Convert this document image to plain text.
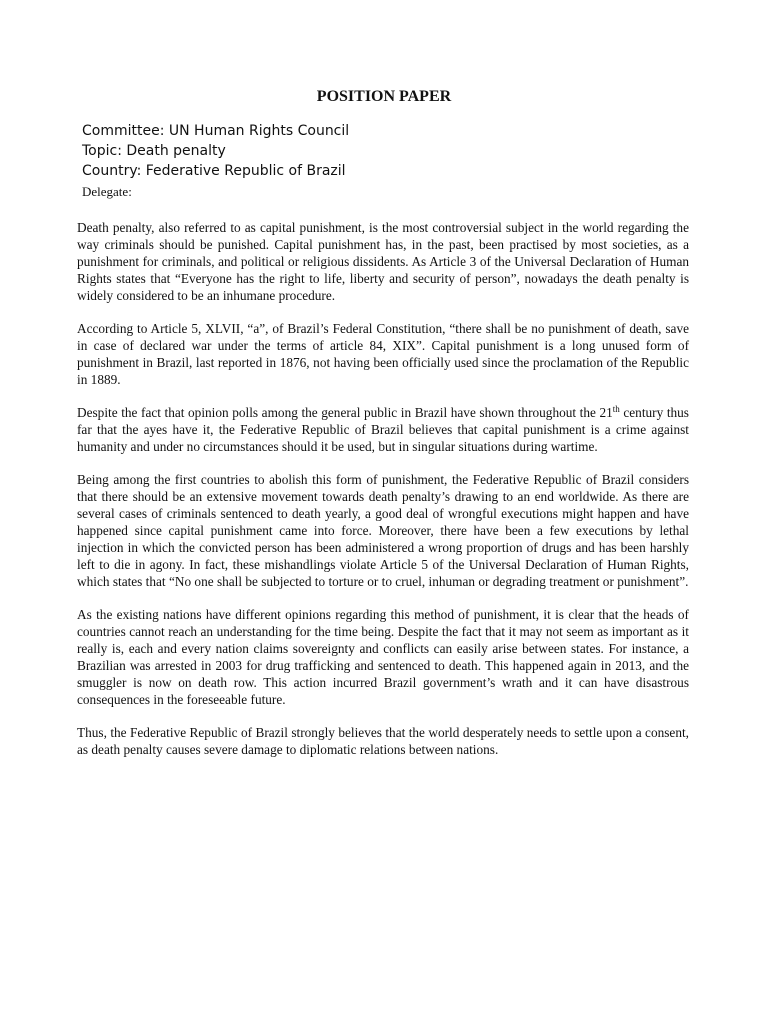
POSITION PAPER
Committee: UN Human Rights Council
Topic: Death penalty
Country: Federative Republic of Brazil
Delegate:

Death penalty, also referred to as capital punishment, is the most controversial subject in the world regarding the way criminals should be punished. Capital punishment has, in the past, been practised by most societies, as a punishment for criminals, and political or religious dissidents. As Article 3 of the Universal Declaration of Human Rights states that “Everyone has the right to life, liberty and security of person”, nowadays the death penalty is widely considered to be an inhumane procedure.

According to Article 5, XLVII, “a”, of Brazil’s Federal Constitution, “there shall be no punishment of death, save in case of declared war under the terms of article 84, XIX”. Capital punishment is a long unused form of punishment in Brazil, last reported in 1876, not having been officially used since the proclamation of the Republic in 1889.

Despite the fact that opinion polls among the general public in Brazil have shown throughout the 21th century thus far that the ayes have it, the Federative Republic of Brazil believes that capital punishment is a crime against humanity and under no circumstances should it be used, but in singular situations during wartime.

Being among the first countries to abolish this form of punishment, the Federative Republic of Brazil considers that there should be an extensive movement towards death penalty’s drawing to an end worldwide. As there are several cases of criminals sentenced to death yearly, a good deal of wrongful executions might happen and have happened since capital punishment came into force. Moreover, there have been a few executions by lethal injection in which the convicted person has been administered a wrong proportion of drugs and has been harshly left to die in agony. In fact, these mishandlings violate Article 5 of the Universal Declaration of Human Rights, which states that “No one shall be subjected to torture or to cruel, inhuman or degrading treatment or punishment”.

As the existing nations have different opinions regarding this method of punishment, it is clear that the heads of countries cannot reach an understanding for the time being. Despite the fact that it may not seem as important as it really is, each and every nation claims sovereignty and conflicts can easily arise between states. For instance, a Brazilian was arrested in 2003 for drug trafficking and sentenced to death. This happened again in 2013, and the smuggler is now on death row. This action incurred Brazil government’s wrath and it can have disastrous consequences in the foreseeable future.

Thus, the Federative Republic of Brazil strongly believes that the world desperately needs to settle upon a consent, as death penalty causes severe damage to diplomatic relations between nations.
